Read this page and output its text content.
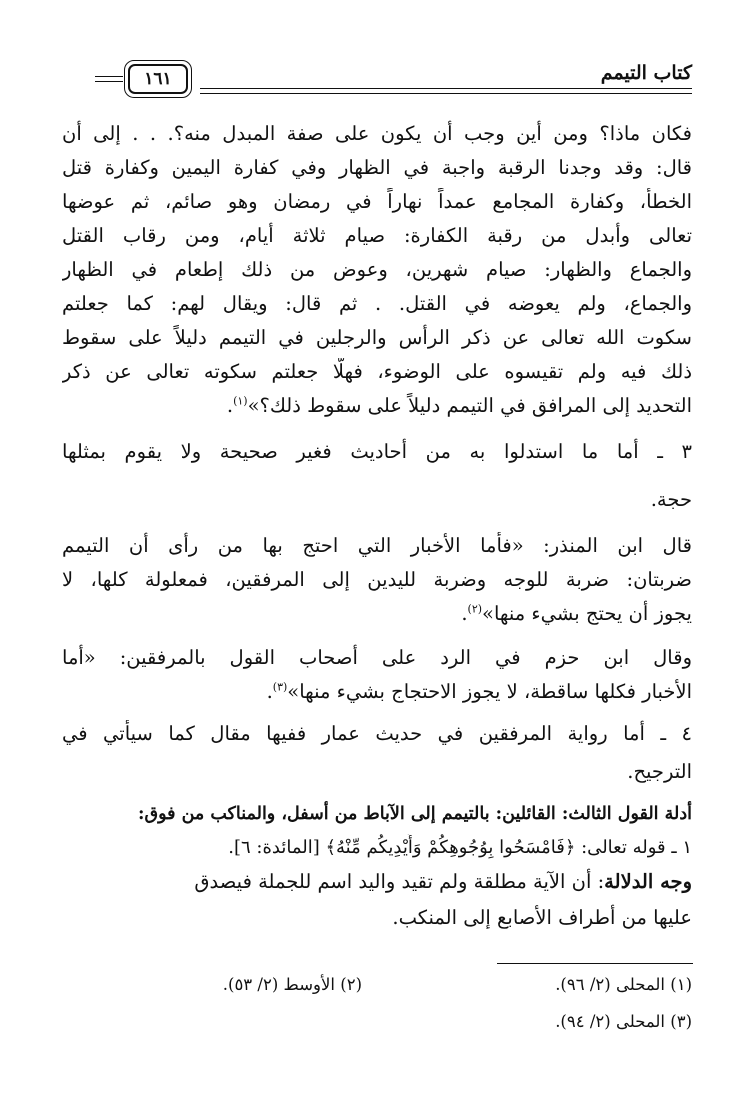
كتاب التيمم
١٦١
فكان ماذا؟ ومن أين وجب أن يكون على صفة المبدل منه؟. . . إلى أن
قال: وقد وجدنا الرقبة واجبة في الظهار وفي كفارة اليمين وكفارة قتل
الخطأ، وكفارة المجامع عمداً نهاراً في رمضان وهو صائم، ثم عوضها
تعالى وأبدل من رقبة الكفارة: صيام ثلاثة أيام، ومن رقاب القتل
والجماع والظهار: صيام شهرين، وعوض من ذلك إطعام في الظهار
والجماع، ولم يعوضه في القتل. . ثم قال: ويقال لهم: كما جعلتم
سكوت الله تعالى عن ذكر الرأس والرجلين في التيمم دليلاً على سقوط
ذلك فيه ولم تقيسوه على الوضوء، فهلّا جعلتم سكوته تعالى عن ذكر
التحديد إلى المرافق في التيمم دليلاً على سقوط ذلك؟»$^{(١)}$.
٣ ـ أما ما استدلوا به من أحاديث فغير صحيحة ولا يقوم بمثلها
حجة.
قال ابن المنذر: «فأما الأخبار التي احتج بها من رأى أن التيمم
ضربتان: ضربة للوجه وضربة لليدين إلى المرفقين، فمعلولة كلها، لا
يجوز أن يحتج بشيء منها»$^{(٢)}$.
وقال ابن حزم في الرد على أصحاب القول بالمرفقين: «أما
الأخبار فكلها ساقطة، لا يجوز الاحتجاج بشيء منها»$^{(٣)}$.
٤ ـ أما رواية المرفقين في حديث عمار ففيها مقال كما سيأتي في
الترجيح.
أدلة القول الثالث: القائلين: بالتيمم إلى الآباط من أسفل، والمناكب من فوق:
١ ـ قوله تعالى: ﴿فَامْسَحُوا بِوُجُوهِكُمْ وَأَيْدِيكُم مِّنْهُ﴾ [المائدة: ٦].
وجه الدلالة: أن الآية مطلقة ولم تقيد واليد اسم للجملة فيصدق
عليها من أطراف الأصابع إلى المنكب.
(١) المحلى (٢/ ٩٦).
(٢) الأوسط (٢/ ٥٣).
(٣) المحلى (٢/ ٩٤).
